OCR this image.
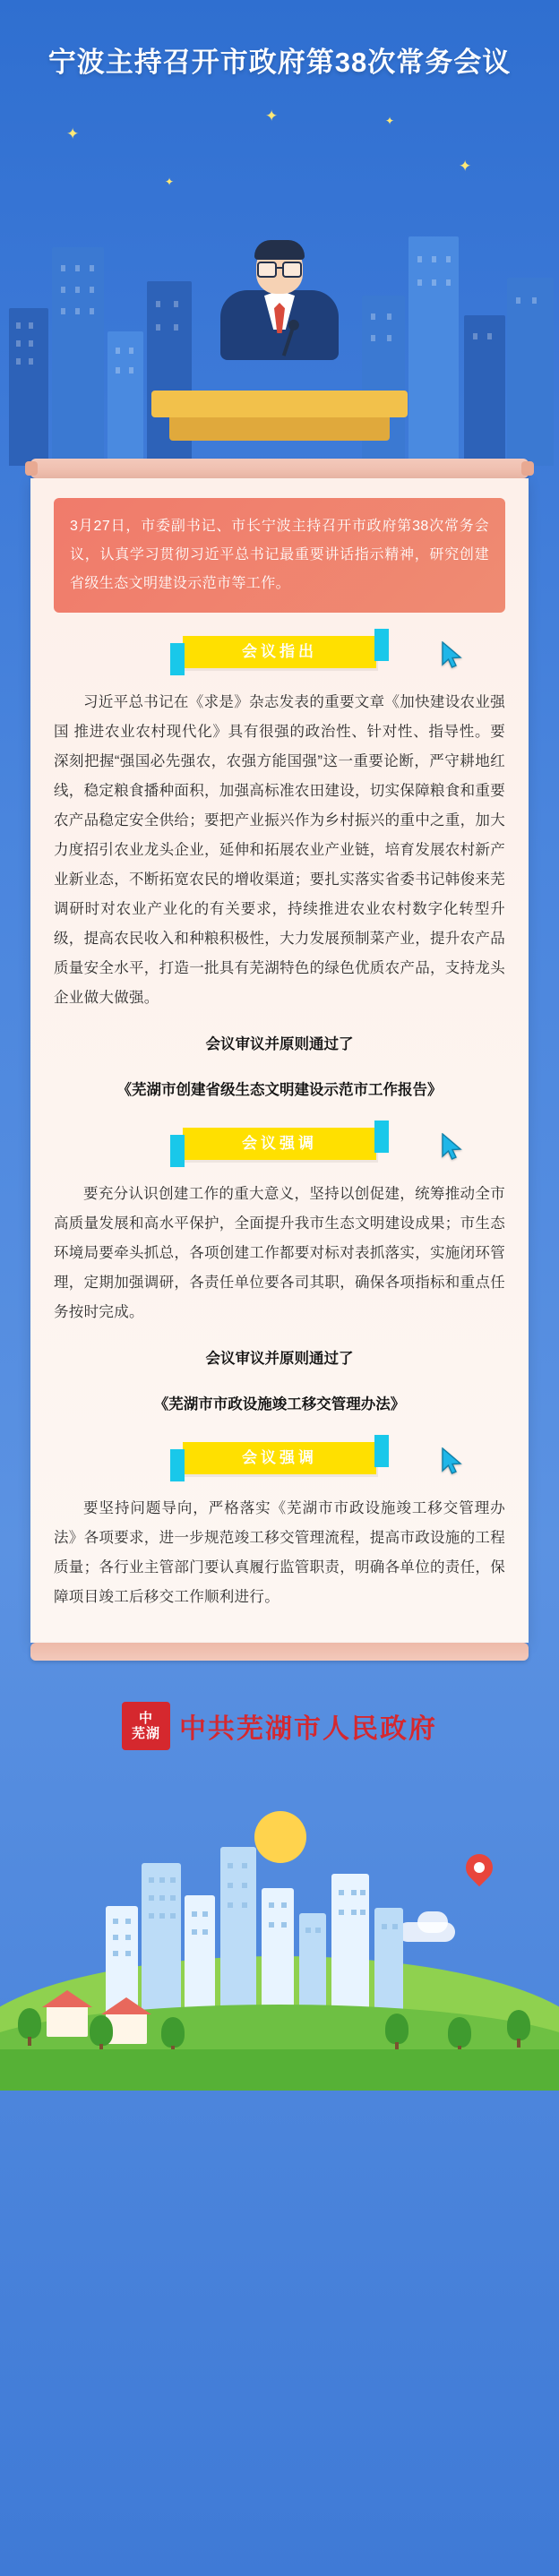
✦
✦
✦
✦
✦
宁波主持召开市政府第38次常务会议
3月27日，市委副书记、市长宁波主持召开市政府第38次常务会议，认真学习贯彻习近平总书记最重要讲话指示精神，研究创建省级生态文明建设示范市等工作。
会议指出
习近平总书记在《求是》杂志发表的重要文章《加快建设农业强国 推进农业农村现代化》具有很强的政治性、针对性、指导性。要深刻把握“强国必先强农，农强方能国强”这一重要论断，严守耕地红线，稳定粮食播种面积，加强高标准农田建设，切实保障粮食和重要农产品稳定安全供给；要把产业振兴作为乡村振兴的重中之重，加大力度招引农业龙头企业，延伸和拓展农业产业链，培育发展农村新产业新业态，不断拓宽农民的增收渠道；要扎实落实省委书记韩俊来芜调研时对农业产业化的有关要求，持续推进农业农村数字化转型升级，提高农民收入和种粮积极性，大力发展预制菜产业，提升农产品质量安全水平，打造一批具有芜湖特色的绿色优质农产品，支持龙头企业做大做强。
会议审议并原则通过了
《芜湖市创建省级生态文明建设示范市工作报告》
会议强调
要充分认识创建工作的重大意义，坚持以创促建，统筹推动全市高质量发展和高水平保护，全面提升我市生态文明建设成果；市生态环境局要牵头抓总，各项创建工作都要对标对表抓落实，实施闭环管理，定期加强调研，各责任单位要各司其职，确保各项指标和重点任务按时完成。
会议审议并原则通过了
《芜湖市市政设施竣工移交管理办法》
会议强调
要坚持问题导向，严格落实《芜湖市市政设施竣工移交管理办法》各项要求，进一步规范竣工移交管理流程，提高市政设施的工程质量；各行业主管部门要认真履行监管职责，明确各单位的责任，保障项目竣工后移交工作顺利进行。
中
芜湖 中共芜湖市人民政府
